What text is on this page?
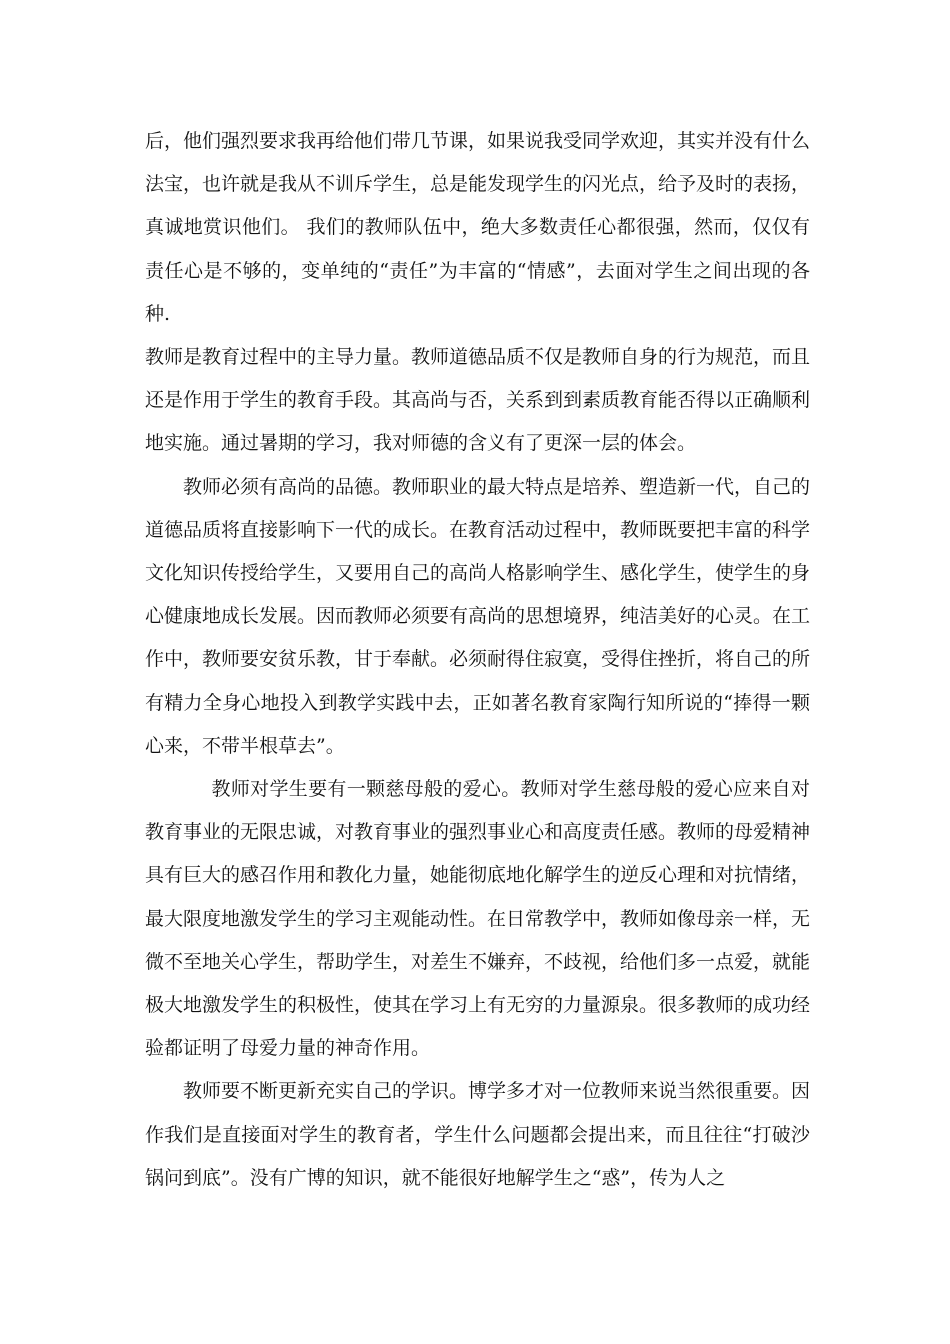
后，他们强烈要求我再给他们带几节课，如果说我受同学欢迎，其实并没有什么法宝，也许就是我从不训斥学生，总是能发现学生的闪光点，给予及时的表扬，真诚地赏识他们。 我们的教师队伍中，绝大多数责任心都很强，然而，仅仅有责任心是不够的，变单纯的“责任”为丰富的“情感”，去面对学生之间出现的各种.

教师是教育过程中的主导力量。教师道德品质不仅是教师自身的行为规范，而且还是作用于学生的教育手段。其高尚与否，关系到到素质教育能否得以正确顺利地实施。通过暑期的学习，我对师德的含义有了更深一层的体会。

教师必须有高尚的品德。教师职业的最大特点是培养、塑造新一代，自己的道德品质将直接影响下一代的成长。在教育活动过程中，教师既要把丰富的科学文化知识传授给学生，又要用自己的高尚人格影响学生、感化学生，使学生的身心健康地成长发展。因而教师必须要有高尚的思想境界，纯洁美好的心灵。在工作中，教师要安贫乐教，甘于奉献。必须耐得住寂寞，受得住挫折，将自己的所有精力全身心地投入到教学实践中去，正如著名教育家陶行知所说的“捧得一颗心来，不带半根草去”。

教师对学生要有一颗慈母般的爱心。教师对学生慈母般的爱心应来自对教育事业的无限忠诚，对教育事业的强烈事业心和高度责任感。教师的母爱精神具有巨大的感召作用和教化力量，她能彻底地化解学生的逆反心理和对抗情绪，最大限度地激发学生的学习主观能动性。在日常教学中，教师如像母亲一样，无微不至地关心学生，帮助学生，对差生不嫌弃，不歧视，给他们多一点爱，就能极大地激发学生的积极性，使其在学习上有无穷的力量源泉。很多教师的成功经验都证明了母爱力量的神奇作用。

教师要不断更新充实自己的学识。博学多才对一位教师来说当然很重要。因作我们是直接面对学生的教育者，学生什么问题都会提出来，而且往往“打破沙锅问到底”。没有广博的知识，就不能很好地解学生之“惑”，传为人之
